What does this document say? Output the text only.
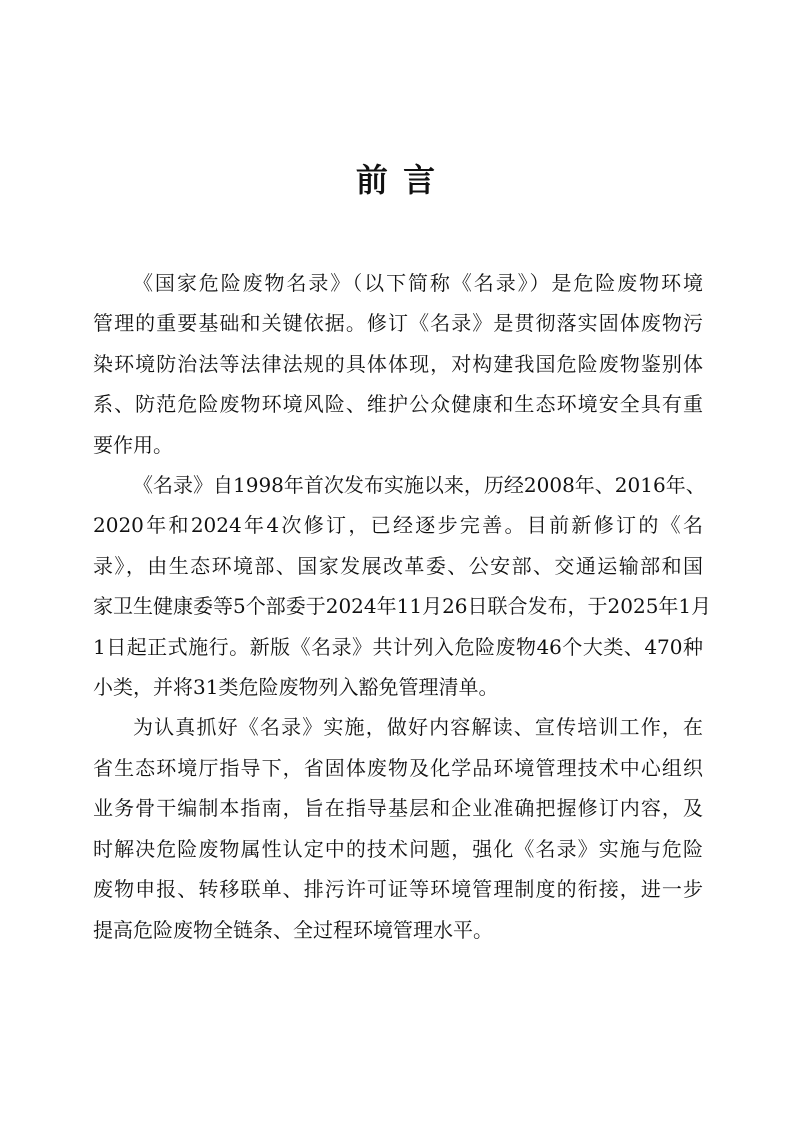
前 言

《国家危险废物名录》（以下简称《名录》）是危险废物环境
管理的重要基础和关键依据。修订《名录》是贯彻落实固体废物污
染环境防治法等法律法规的具体体现，对构建我国危险废物鉴别体
系、防范危险废物环境风险、维护公众健康和生态环境安全具有重
要作用。

《名录》自1998年首次发布实施以来，历经2008年、2016年、
2020年和2024年4次修订，已经逐步完善。目前新修订的《名
录》，由生态环境部、国家发展改革委、公安部、交通运输部和国
家卫生健康委等5个部委于2024年11月26日联合发布，于2025年1月
1日起正式施行。新版《名录》共计列入危险废物46个大类、470种
小类，并将31类危险废物列入豁免管理清单。

为认真抓好《名录》实施，做好内容解读、宣传培训工作，在
省生态环境厅指导下，省固体废物及化学品环境管理技术中心组织
业务骨干编制本指南，旨在指导基层和企业准确把握修订内容，及
时解决危险废物属性认定中的技术问题，强化《名录》实施与危险
废物申报、转移联单、排污许可证等环境管理制度的衔接，进一步
提高危险废物全链条、全过程环境管理水平。
